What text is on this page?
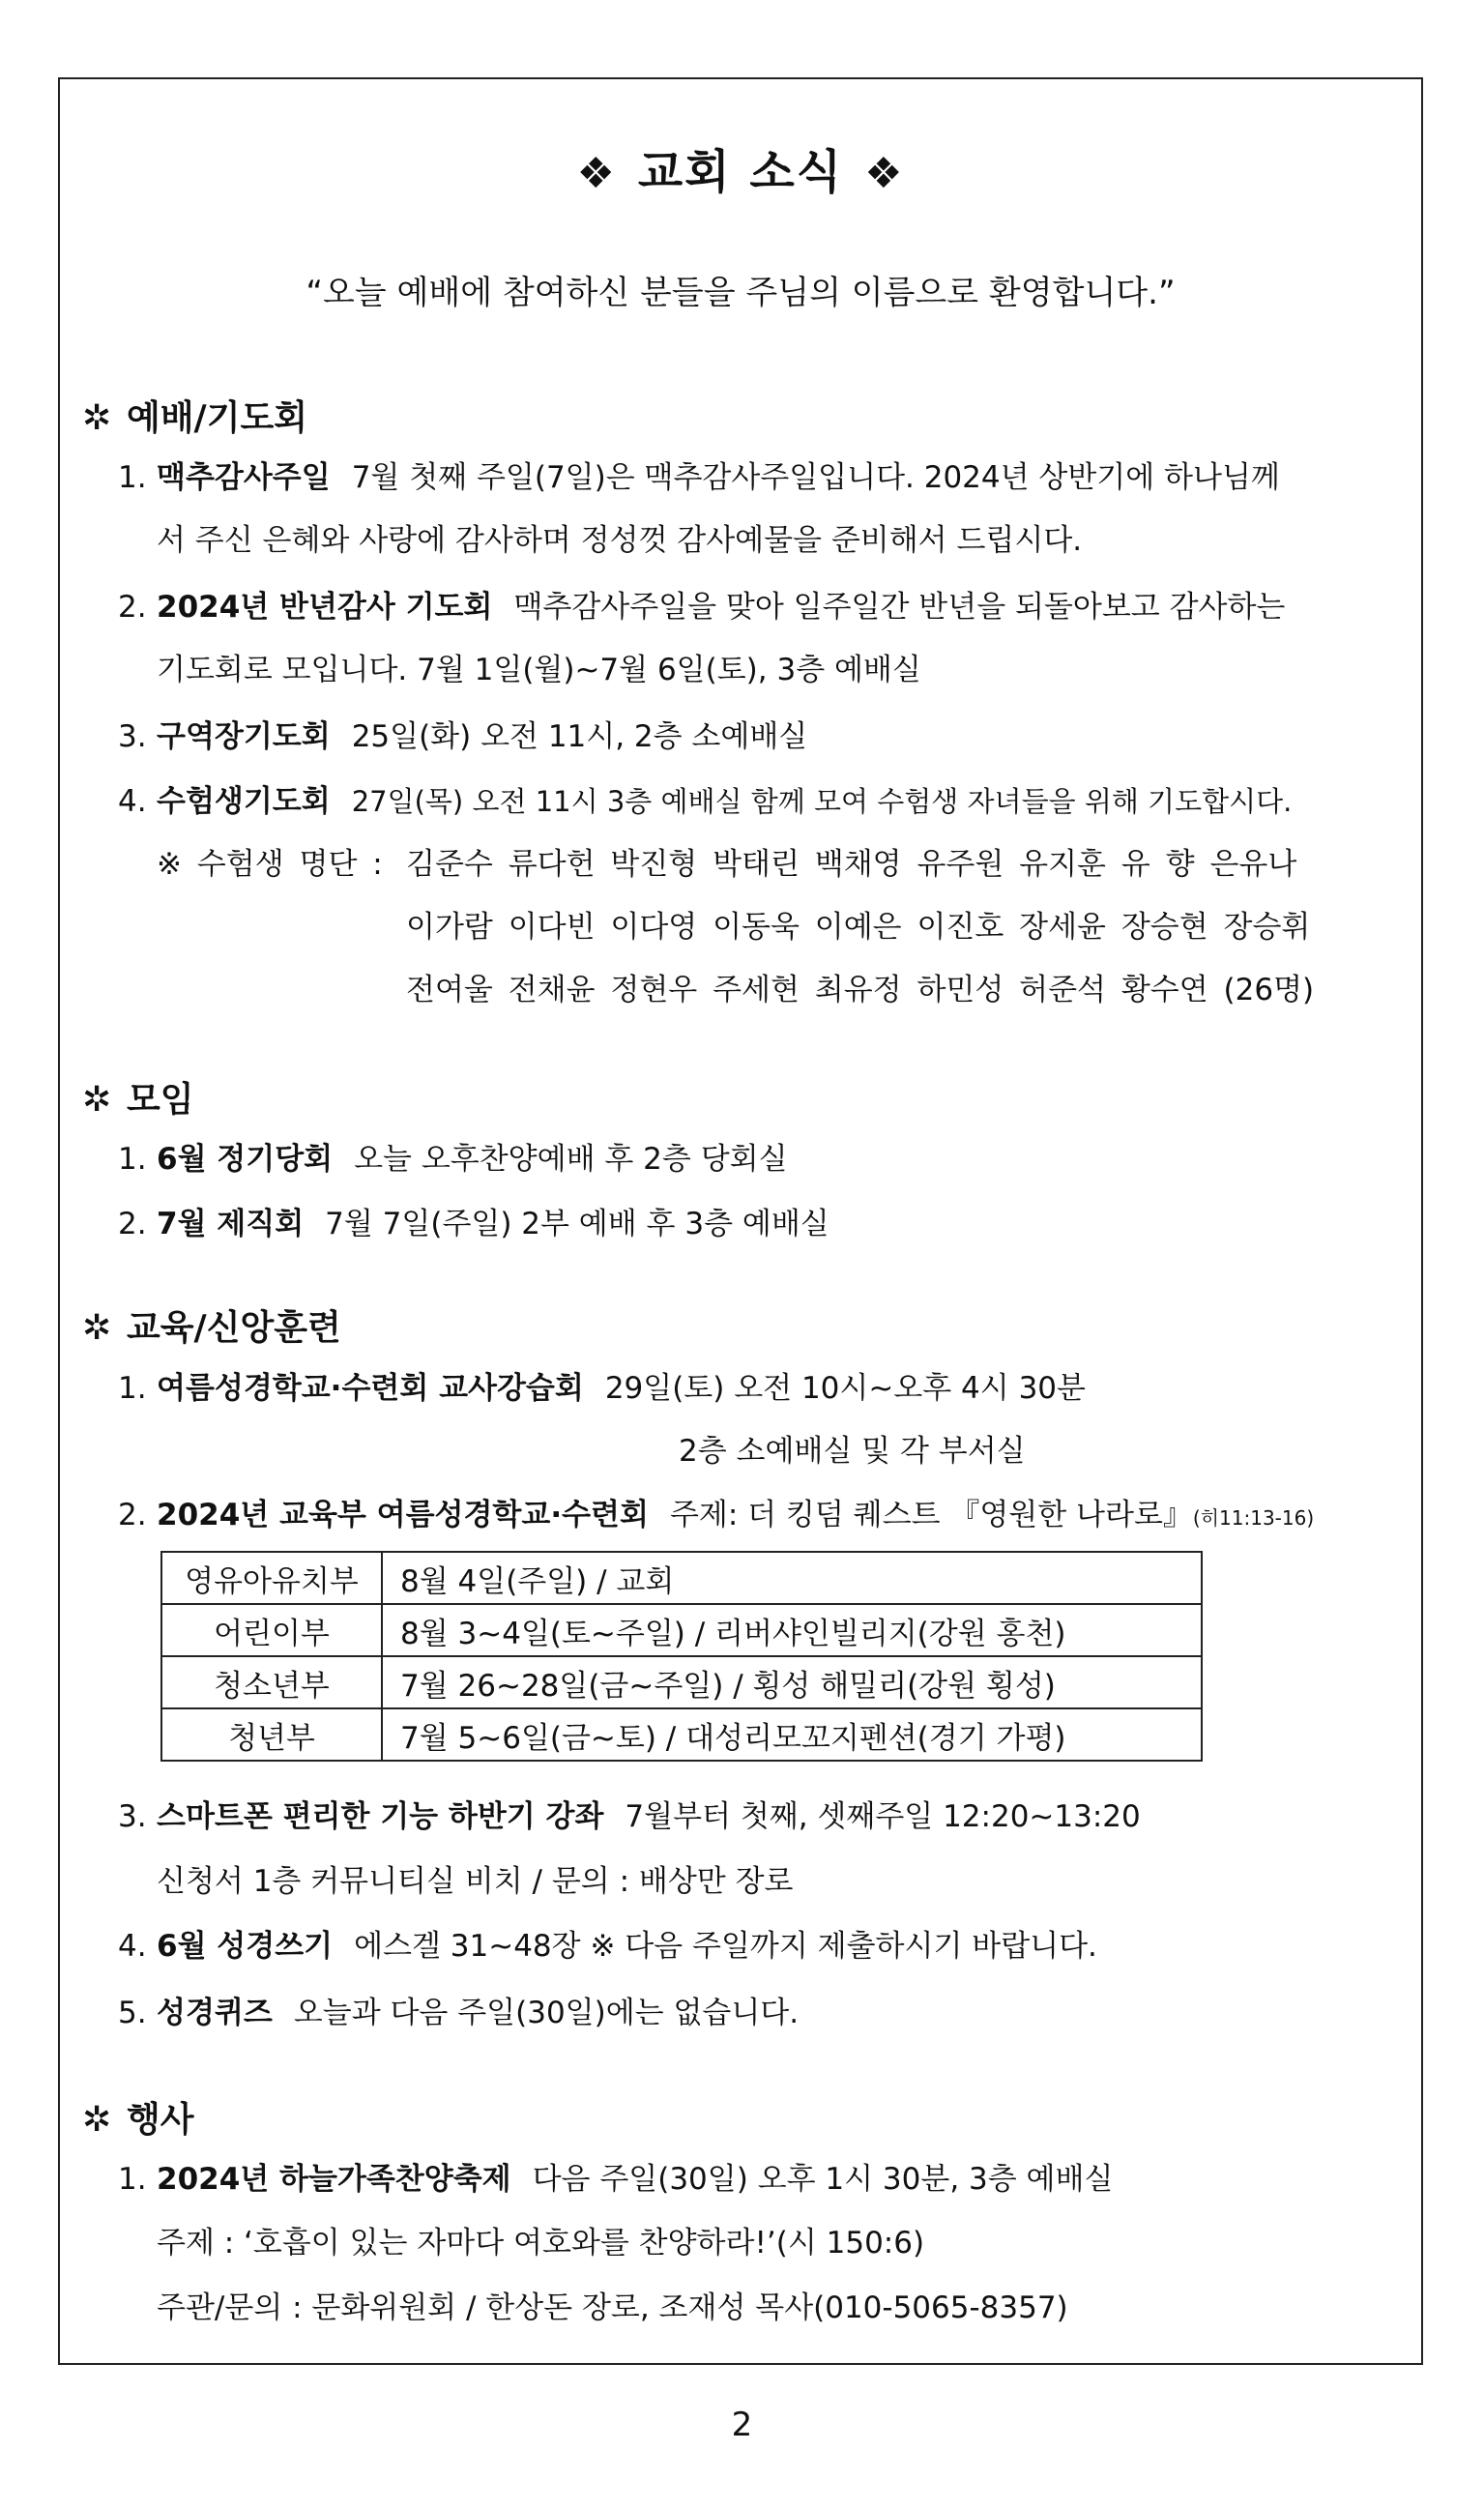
❖ 교회 소식 ❖
“오늘 예배에 참여하신 분들을 주님의 이름으로 환영합니다.”
✲ 예배/기도회
1. 맥추감사주일 7월 첫째 주일(7일)은 맥추감사주일입니다. 2024년 상반기에 하나님께
서 주신 은혜와 사랑에 감사하며 정성껏 감사예물을 준비해서 드립시다.
2. 2024년 반년감사 기도회 맥추감사주일을 맞아 일주일간 반년을 되돌아보고 감사하는
기도회로 모입니다. 7월 1일(월)~7월 6일(토), 3층 예배실
3. 구역장기도회 25일(화) 오전 11시, 2층 소예배실
4. 수험생기도회 27일(목) 오전 11시 3층 예배실 함께 모여 수험생 자녀들을 위해 기도합시다.
※ 수험생 명단 : 김준수 류다헌 박진형 박태린 백채영 유주원 유지훈 유 향 은유나
이가람 이다빈 이다영 이동욱 이예은 이진호 장세윤 장승현 장승휘
전여울 전채윤 정현우 주세현 최유정 하민성 허준석 황수연 (26명)
✲ 모임
1. 6월 정기당회 오늘 오후찬양예배 후 2층 당회실
2. 7월 제직회 7월 7일(주일) 2부 예배 후 3층 예배실
✲ 교육/신앙훈련
1. 여름성경학교·수련회 교사강습회 29일(토) 오전 10시~오후 4시 30분
2층 소예배실 및 각 부서실
2. 2024년 교육부 여름성경학교·수련회 주제: 더 킹덤 퀘스트 『영원한 나라로』(히11:13-16)
영유아유치부	8월 4일(주일) / 교회
어린이부	8월 3~4일(토~주일) / 리버샤인빌리지(강원 홍천)
청소년부	7월 26~28일(금~주일) / 횡성 해밀리(강원 횡성)
청년부	7월 5~6일(금~토) / 대성리모꼬지펜션(경기 가평)
3. 스마트폰 편리한 기능 하반기 강좌 7월부터 첫째, 셋째주일 12:20~13:20
신청서 1층 커뮤니티실 비치 / 문의 : 배상만 장로
4. 6월 성경쓰기 에스겔 31~48장 ※ 다음 주일까지 제출하시기 바랍니다.
5. 성경퀴즈 오늘과 다음 주일(30일)에는 없습니다.
✲ 행사
1. 2024년 하늘가족찬양축제 다음 주일(30일) 오후 1시 30분, 3층 예배실
주제 : ‘호흡이 있는 자마다 여호와를 찬양하라!’(시 150:6)
주관/문의 : 문화위원회 / 한상돈 장로, 조재성 목사(010-5065-8357)
2
